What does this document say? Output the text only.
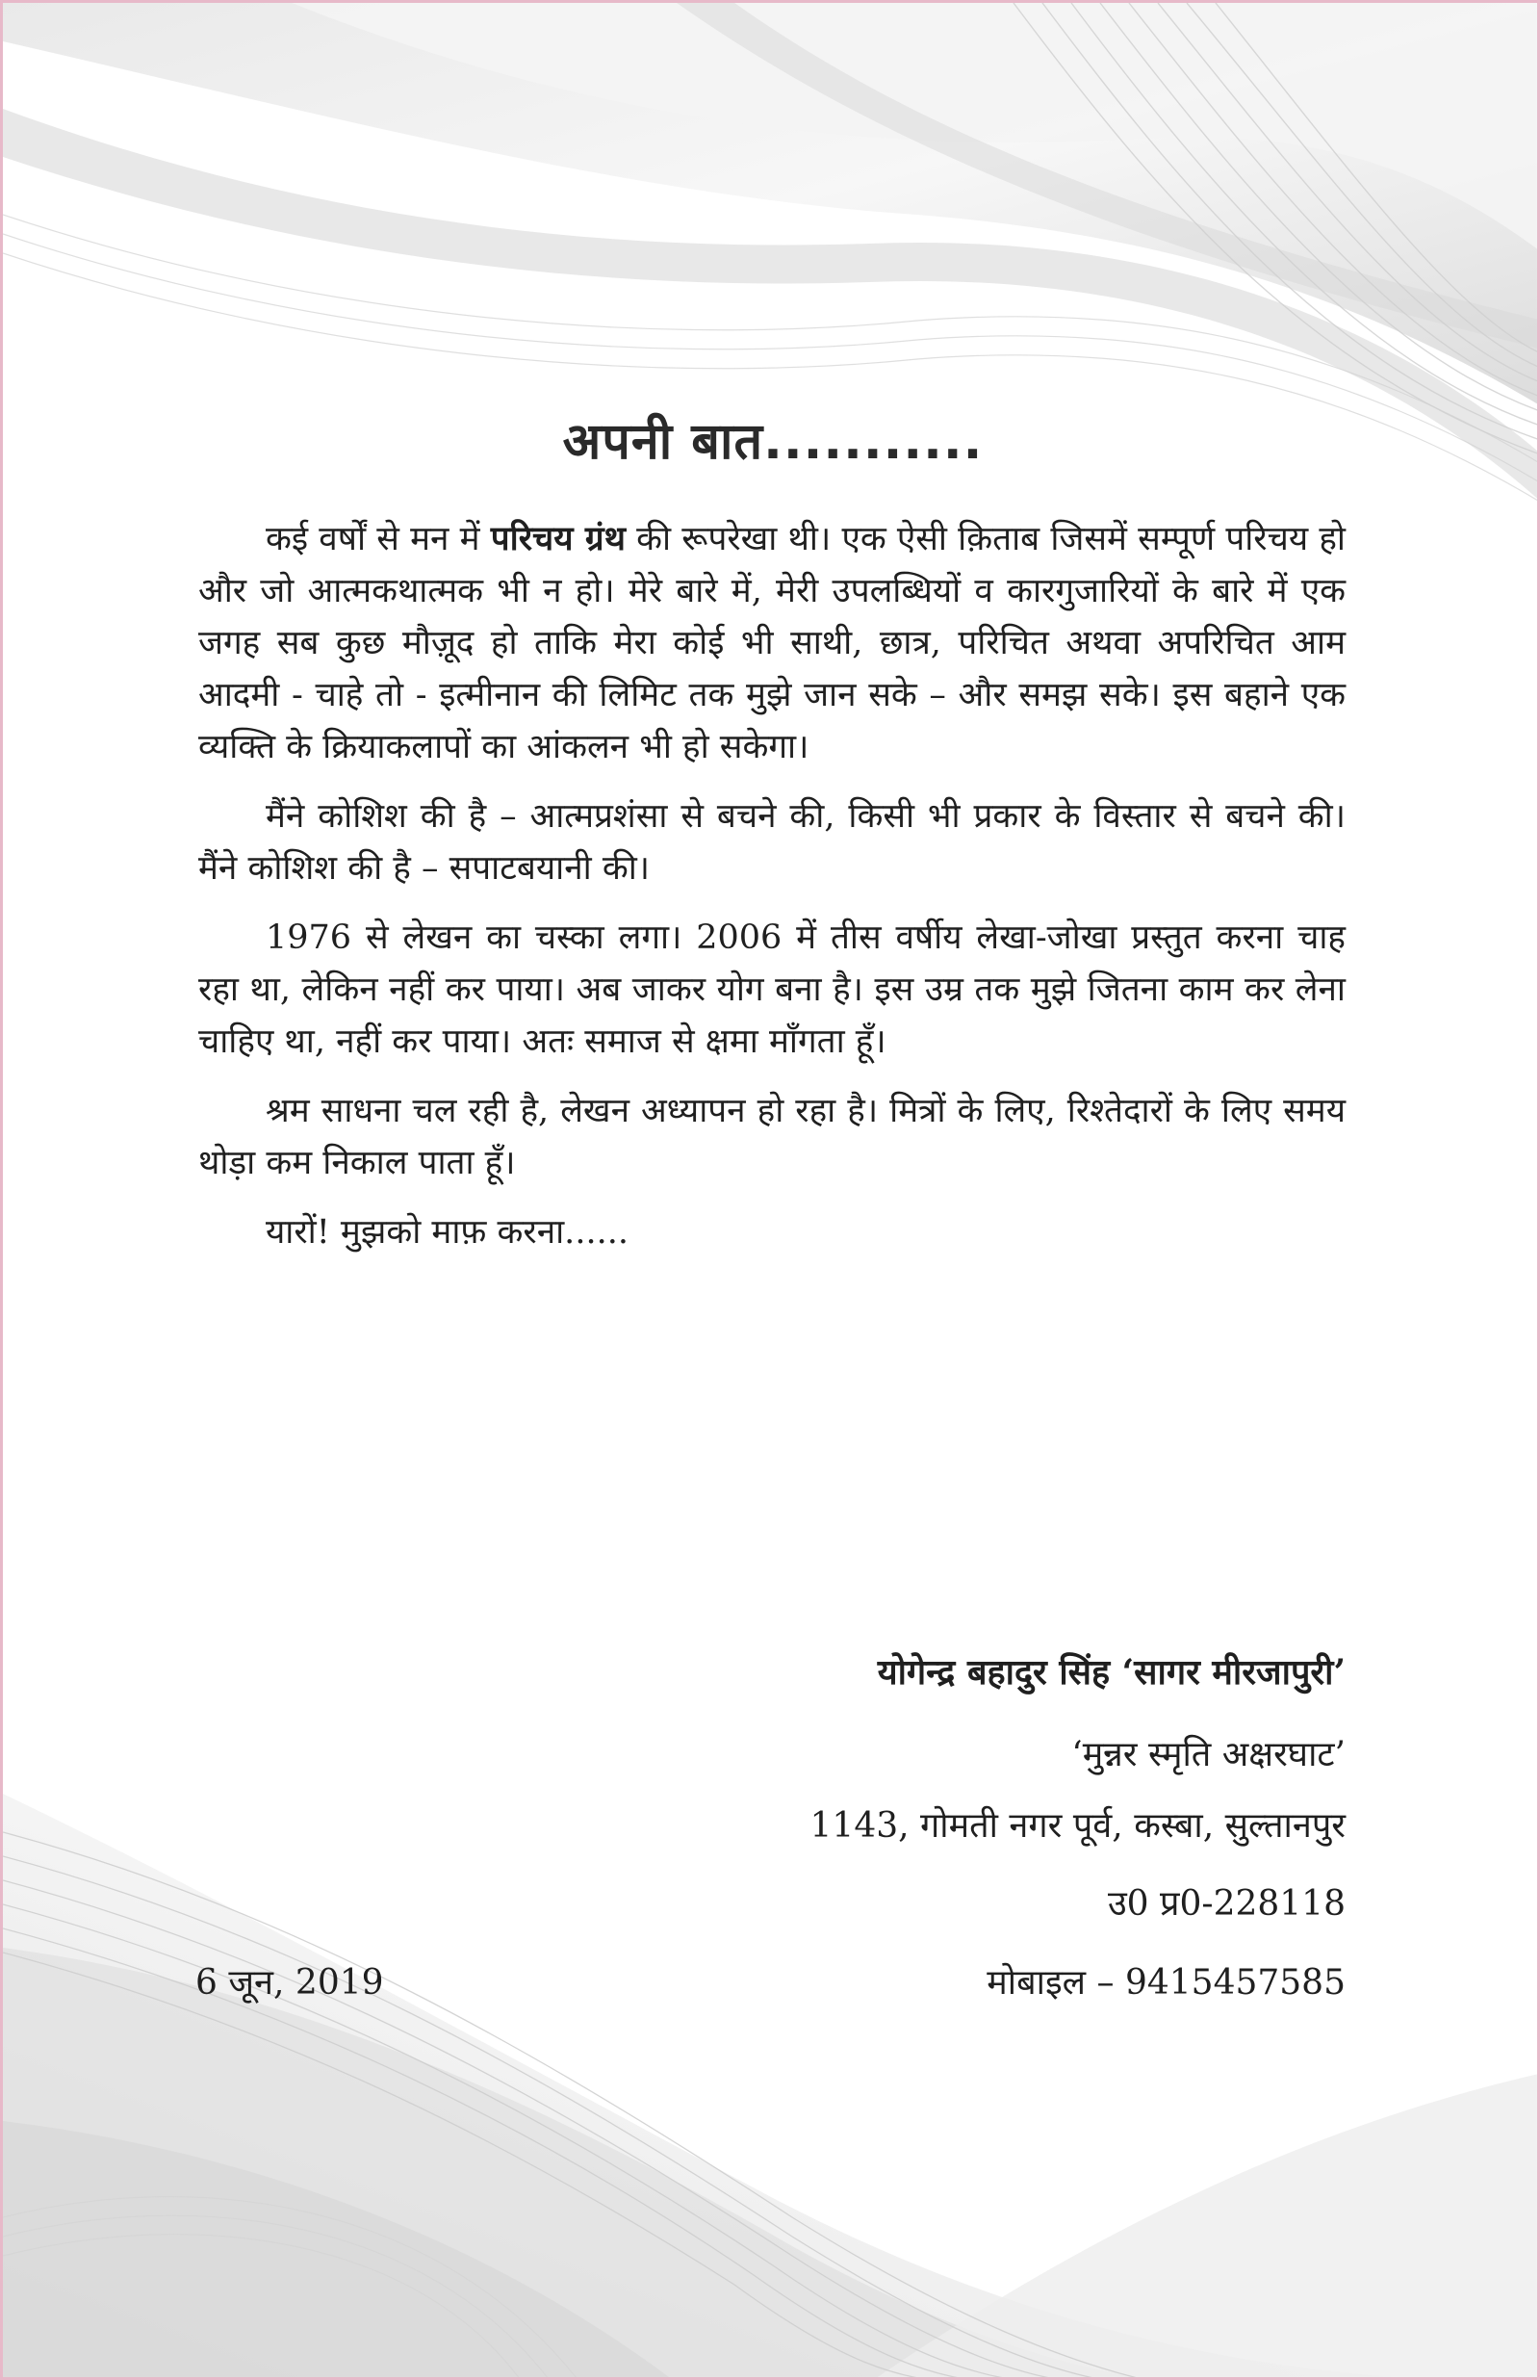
अपनी बात...........

कई वर्षों से मन में परिचय ग्रंथ की रूपरेखा थी। एक ऐसी क़िताब जिसमें सम्पूर्ण परिचय हो और जो आत्मकथात्मक भी न हो। मेरे बारे में, मेरी उपलब्धियों व कारगुजारियों के बारे में एक जगह सब कुछ मौज़ूद हो ताकि मेरा कोई भी साथी, छात्र, परिचित अथवा अपरिचित आम आदमी - चाहे तो - इत्मीनान की लिमिट तक मुझे जान सके – और समझ सके। इस बहाने एक व्यक्ति के क्रियाकलापों का आंकलन भी हो सकेगा।

मैंने कोशिश की है – आत्मप्रशंसा से बचने की, किसी भी प्रकार के विस्तार से बचने की। मैंने कोशिश की है – सपाटबयानी की।

1976 से लेखन का चस्का लगा। 2006 में तीस वर्षीय लेखा-जोखा प्रस्तुत करना चाह रहा था, लेकिन नहीं कर पाया। अब जाकर योग बना है। इस उम्र तक मुझे जितना काम कर लेना चाहिए था, नहीं कर पाया। अतः समाज से क्षमा माँगता हूँ।

श्रम साधना चल रही है, लेखन अध्यापन हो रहा है। मित्रों के लिए, रिश्तेदारों के लिए समय थोड़ा कम निकाल पाता हूँ।

यारों! मुझको माफ़ करना......

योगेन्द्र बहादुर सिंह ‘सागर मीरजापुरी’
‘मुन्नर स्मृति अक्षरघाट’
1143, गोमती नगर पूर्व, कस्बा, सुल्तानपुर
उ0 प्र0-228118
मोबाइल – 9415457585
6 जून, 2019
